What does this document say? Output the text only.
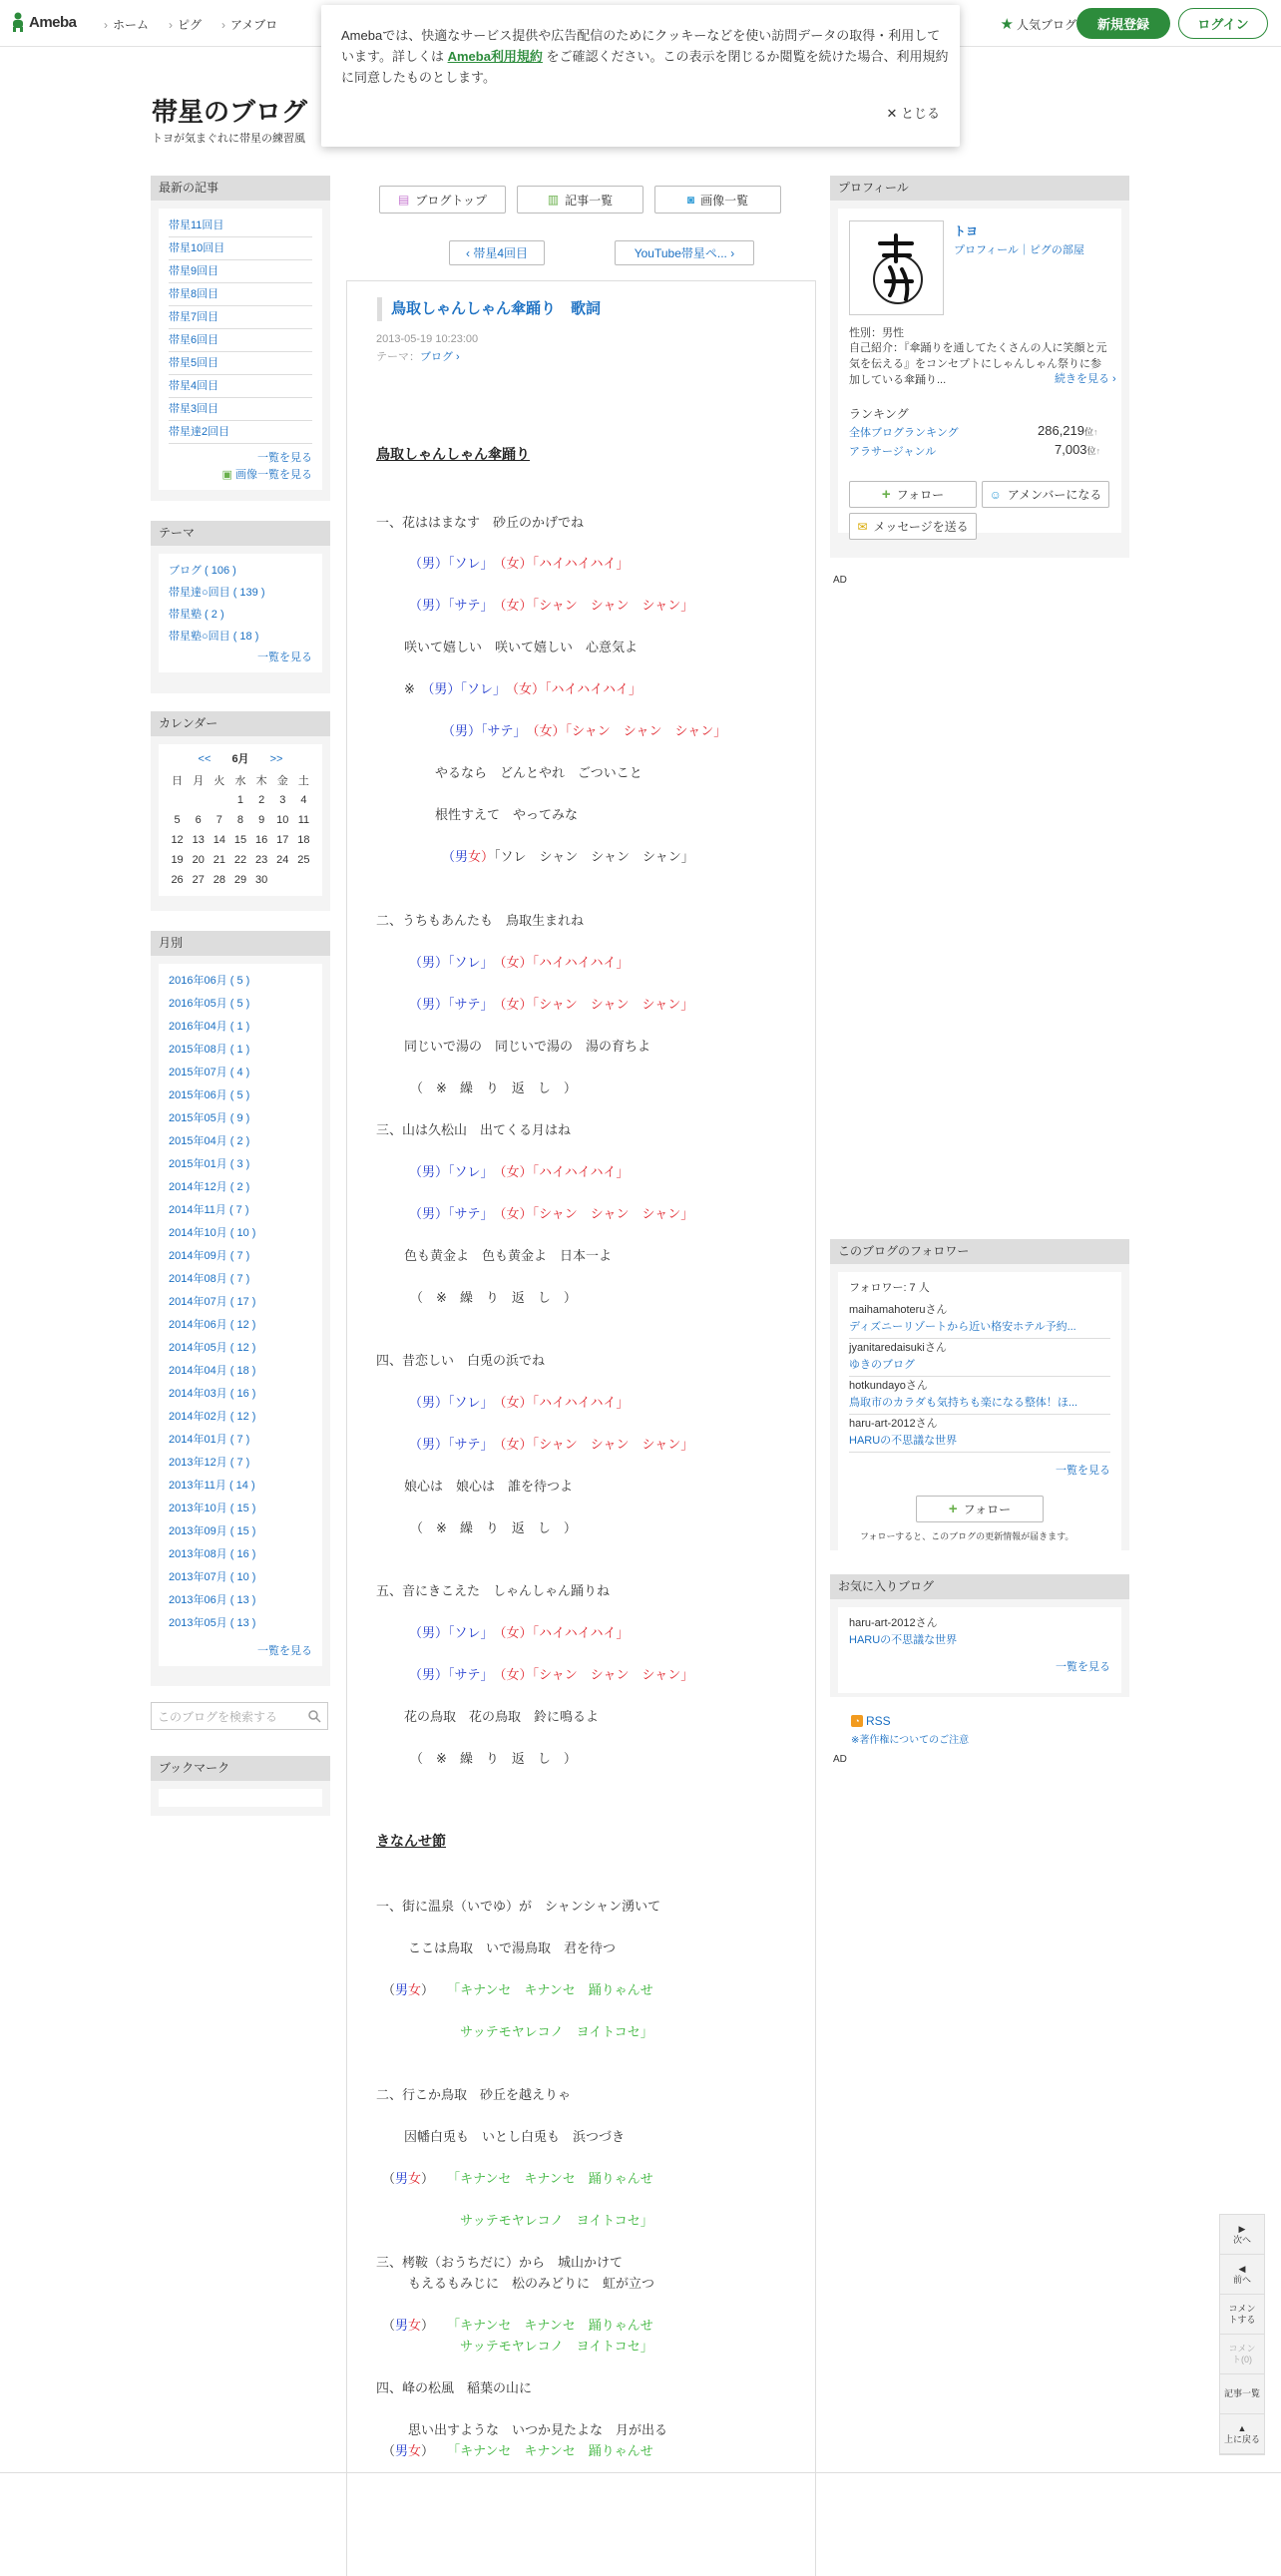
Ameba › ホーム › ピグ › アメブロ	★ 人気ブログ	新規登録	ログイン

Amebaでは、快適なサービス提供や広告配信のためにクッキーなどを使い訪問データの取得・利用しています。詳しくは Ameba利用規約 をご確認ください。この表示を閉じるか閲覧を続けた場合、利用規約に同意したものとします。

✕ とじる
帯星のブログ
トヨが気まぐれに帯星の練習風
最新の記事
帯星11回目
帯星10回目
帯星9回目
帯星8回目
帯星7回目
帯星6回目
帯星5回目
帯星4回目
帯星3回目
帯星達2回目
一覧を見る
▣ 画像一覧を見る
テーマ
ブログ ( 106 )
帯星達○回目 ( 139 )
帯星塾 ( 2 )
帯星塾○回目 ( 18 )
一覧を見る
カレンダー
<< 6月 >>
日	月	火	水	木	金	土
			1	2	3	4
5	6	7	8	9	10	11
12	13	14	15	16	17	18
19	20	21	22	23	24	25
26	27	28	29	30		
月別
2016年06月 ( 5 )
2016年05月 ( 5 )
2016年04月 ( 1 )
2015年08月 ( 1 )
2015年07月 ( 4 )
2015年06月 ( 5 )
2015年05月 ( 9 )
2015年04月 ( 2 )
2015年01月 ( 3 )
2014年12月 ( 2 )
2014年11月 ( 7 )
2014年10月 ( 10 )
2014年09月 ( 7 )
2014年08月 ( 7 )
2014年07月 ( 17 )
2014年06月 ( 12 )
2014年05月 ( 12 )
2014年04月 ( 18 )
2014年03月 ( 16 )
2014年02月 ( 12 )
2014年01月 ( 7 )
2013年12月 ( 7 )
2013年11月 ( 14 )
2013年10月 ( 15 )
2013年09月 ( 15 )
2013年08月 ( 16 )
2013年07月 ( 10 )
2013年06月 ( 13 )
2013年05月 ( 13 )
一覧を見る
このブログを検索する
ブックマーク
▤ ブログトップ	▥ 記事一覧	◙ 画像一覧
‹ 帯星4回目	YouTube帯星ペ... ›
鳥取しゃんしゃん傘踊り　歌詞
2013-05-19 10:23:00
テーマ：ブログ ›
鳥取しゃんしゃん傘踊り
一、花ははまなす　砂丘のかげでね
（男）「ソレ」　 （女）「ハイハイハイ」
（男）「サテ」　 （女）「シャン　シャン　シャン」
咲いて嬉しい　咲いて嬉しい　心意気よ
※　 （男）「ソレ」　 （女）「ハイハイハイ」
（男）「サテ」　 （女）「シャン　シャン　シャン」
やるなら　どんとやれ　ごついこと
根性すえて　やってみな
（男女）「ソレ　シャン　シャン　シャン」
二、うちもあんたも　鳥取生まれね
（男）「ソレ」　 （女）「ハイハイハイ」
（男）「サテ」　 （女）「シャン　シャン　シャン」
同じいで湯の　同じいで湯の　湯の育ちよ
（　※　繰　り　返　し　）
三、山は久松山　出てくる月はね
（男）「ソレ」　 （女）「ハイハイハイ」
（男）「サテ」　 （女）「シャン　シャン　シャン」
色も黄金よ　色も黄金よ　日本一よ
（　※　繰　り　返　し　）
四、昔恋しい　白兎の浜でね
（男）「ソレ」　 （女）「ハイハイハイ」
（男）「サテ」　 （女）「シャン　シャン　シャン」
娘心は　娘心は　誰を待つよ
（　※　繰　り　返　し　）
五、音にきこえた　しゃんしゃん踊りね
（男）「ソレ」　 （女）「ハイハイハイ」
（男）「サテ」　 （女）「シャン　シャン　シャン」
花の鳥取　花の鳥取　鈴に鳴るよ
（　※　繰　り　返　し　）
きなんせ節
一、街に温泉（いでゆ）が　シャンシャン湧いて
ここは鳥取　いで湯鳥取　君を待つ
（男女）　　 「キナンセ　キナンセ　踊りゃんせ
サッテモヤレコノ　ヨイトコセ」
二、行こか鳥取　砂丘を越えりゃ
因幡白兎も　いとし白兎も　浜つづき
（男女）　　 「キナンセ　キナンセ　踊りゃんせ
サッテモヤレコノ　ヨイトコセ」
三、栲鞍（おうちだに）から　城山かけて
もえるもみじに　松のみどりに　虹が立つ
（男女）　　 「キナンセ　キナンセ　踊りゃんせ
サッテモヤレコノ　ヨイトコセ」
四、峰の松風　稲葉の山に
思い出すような　いつか見たよな　月が出る
（男女）　　 「キナンセ　キナンセ　踊りゃんせ
プロフィール
トヨ
プロフィール｜ピグの部屋
性別：男性
自己紹介：『傘踊りを通してたくさんの人に笑顔と元気を伝える』をコンセプトにしゃんしゃん祭りに参加している傘踊り...	続きを見る ›
ランキング
全体ブログランキング	286,219位↑
アラサージャンル	7,003位↑
+ フォロー	☺ アメンバーになる
✉ メッセージを送る
AD
このブログのフォロワー
フォロワー: 7 人
maihamahoteruさん
ディズニーリゾートから近い格安ホテル予約...
jyanitaredaisukiさん
ゆきのブログ
hotkundayoさん
鳥取市のカラダも気持ちも楽になる整体！ほ...
haru-art-2012さん
HARUの不思議な世界
一覧を見る
+ フォロー
フォローすると、このブログの更新情報が届きます。
お気に入りブログ
haru-art-2012さん
HARUの不思議な世界
一覧を見る
◔ RSS
※著作権についてのご注意
AD
▶
次へ
◀
前へ
コメントする
コメント(0)
記事一覧
▲
上に戻る
